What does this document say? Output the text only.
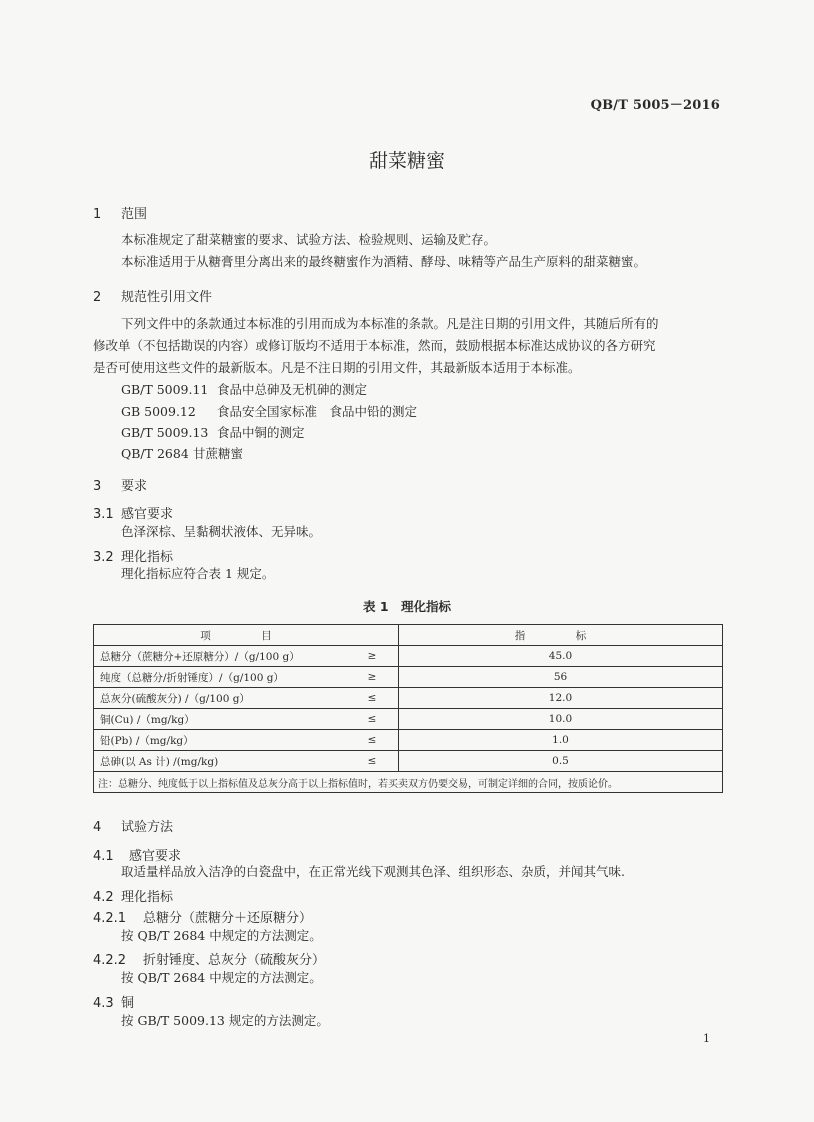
QB/T 5005－2016
甜菜糖蜜
1 范围
本标准规定了甜菜糖蜜的要求、试验方法、检验规则、运输及贮存。
本标准适用于从糖膏里分离出来的最终糖蜜作为酒精、酵母、味精等产品生产原料的甜菜糖蜜。
2 规范性引用文件
下列文件中的条款通过本标准的引用而成为本标准的条款。凡是注日期的引用文件，其随后所有的
修改单（不包括勘误的内容）或修订版均不适用于本标准，然而，鼓励根据本标准达成协议的各方研究
是否可使用这些文件的最新版本。凡是不注日期的引用文件，其最新版本适用于本标准。
GB/T 5009.11 食品中总砷及无机砷的测定
GB 5009.12 食品安全国家标准　食品中铅的测定
GB/T 5009.13 食品中铜的测定
QB/T 2684 甘蔗糖蜜
3 要求
3.1 感官要求
色泽深棕、呈黏稠状液体、无异味。
3.2 理化指标
理化指标应符合表 1 规定。
表 1　理化指标
项　目		指　标
总糖分（蔗糖分+还原糖分）/（g/100 g）	≥	45.0
纯度（总糖分/折射锤度）/（g/100 g）	≥	56
总灰分(硫酸灰分) /（g/100 g）	≤	12.0
铜(Cu) /（mg/kg）	≤	10.0
铅(Pb) /（mg/kg）	≤	1.0
总砷(以 As 计) /(mg/kg)	≤	0.5
注：总糖分、纯度低于以上指标值及总灰分高于以上指标值时，若买卖双方仍要交易，可制定详细的合同，按质论价。		
4 试验方法
4.1 感官要求
取适量样品放入洁净的白瓷盘中，在正常光线下观测其色泽、组织形态、杂质，并闻其气味.
4.2 理化指标
4.2.1 总糖分（蔗糖分＋还原糖分）
按 QB/T 2684 中规定的方法测定。
4.2.2 折射锤度、总灰分（硫酸灰分）
按 QB/T 2684 中规定的方法测定。
4.3 铜
按 GB/T 5009.13 规定的方法测定。
1
